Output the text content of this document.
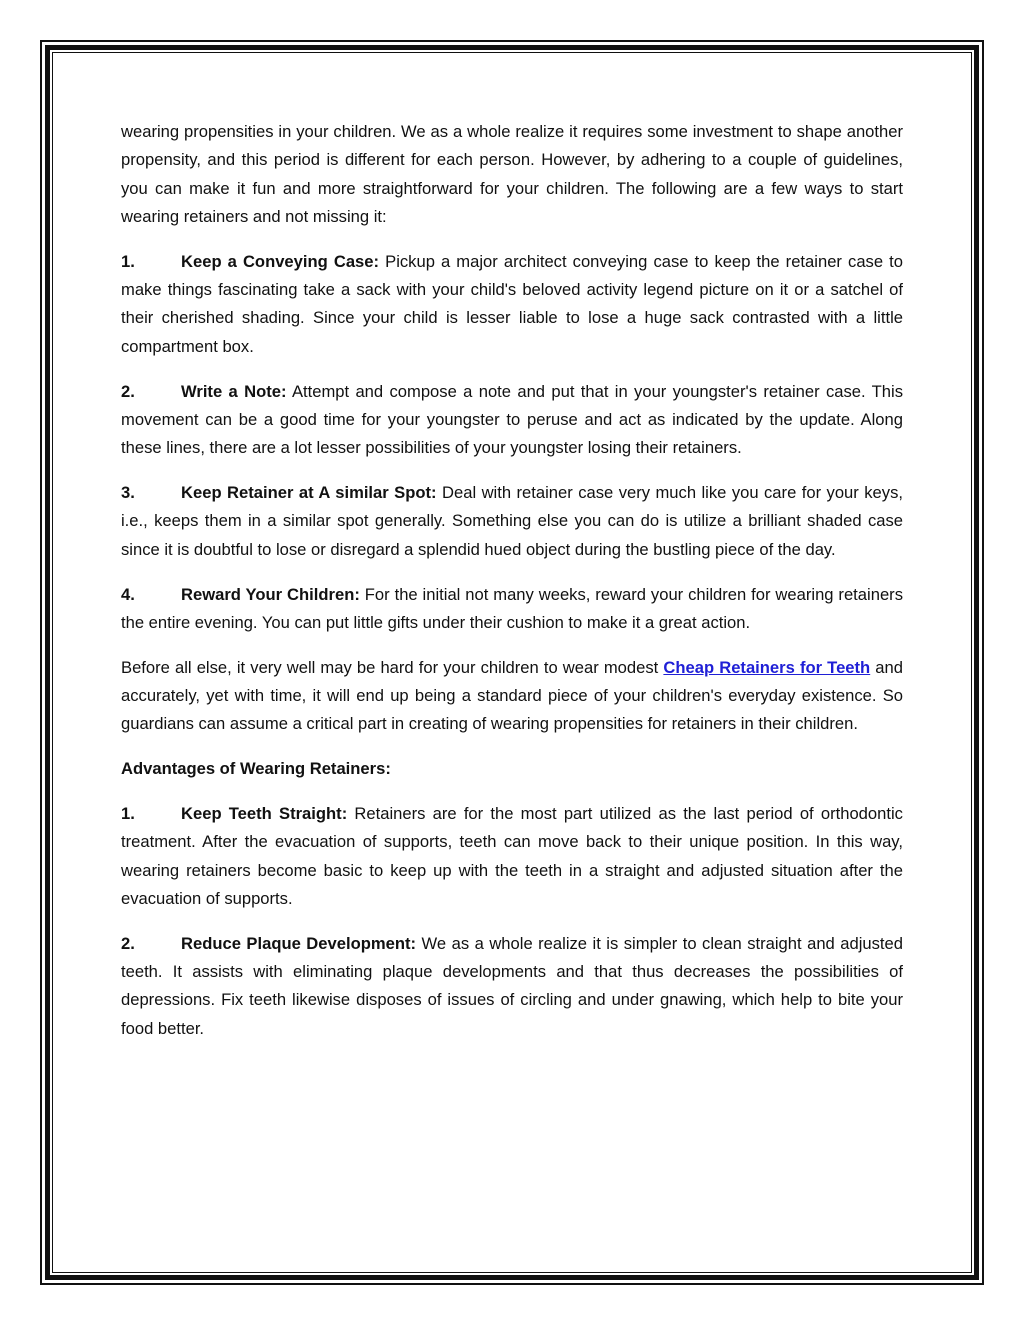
wearing propensities in your children. We as a whole realize it requires some investment to shape another propensity, and this period is different for each person. However, by adhering to a couple of guidelines, you can make it fun and more straightforward for your children. The following are a few ways to start wearing retainers and not missing it:

1.	Keep a Conveying Case: Pickup a major architect conveying case to keep the retainer case to make things fascinating take a sack with your child's beloved activity legend picture on it or a satchel of their cherished shading. Since your child is lesser liable to lose a huge sack contrasted with a little compartment box.

2.	Write a Note: Attempt and compose a note and put that in your youngster's retainer case. This movement can be a good time for your youngster to peruse and act as indicated by the update. Along these lines, there are a lot lesser possibilities of your youngster losing their retainers.

3.	Keep Retainer at A similar Spot: Deal with retainer case very much like you care for your keys, i.e., keeps them in a similar spot generally. Something else you can do is utilize a brilliant shaded case since it is doubtful to lose or disregard a splendid hued object during the bustling piece of the day.

4.	Reward Your Children: For the initial not many weeks, reward your children for wearing retainers the entire evening. You can put little gifts under their cushion to make it a great action.

Before all else, it very well may be hard for your children to wear modest Cheap Retainers for Teeth and accurately, yet with time, it will end up being a standard piece of your children's everyday existence. So guardians can assume a critical part in creating of wearing propensities for retainers in their children.

Advantages of Wearing Retainers:

1.	Keep Teeth Straight: Retainers are for the most part utilized as the last period of orthodontic treatment. After the evacuation of supports, teeth can move back to their unique position. In this way, wearing retainers become basic to keep up with the teeth in a straight and adjusted situation after the evacuation of supports.

2.	Reduce Plaque Development: We as a whole realize it is simpler to clean straight and adjusted teeth. It assists with eliminating plaque developments and that thus decreases the possibilities of depressions. Fix teeth likewise disposes of issues of circling and under gnawing, which help to bite your food better.
